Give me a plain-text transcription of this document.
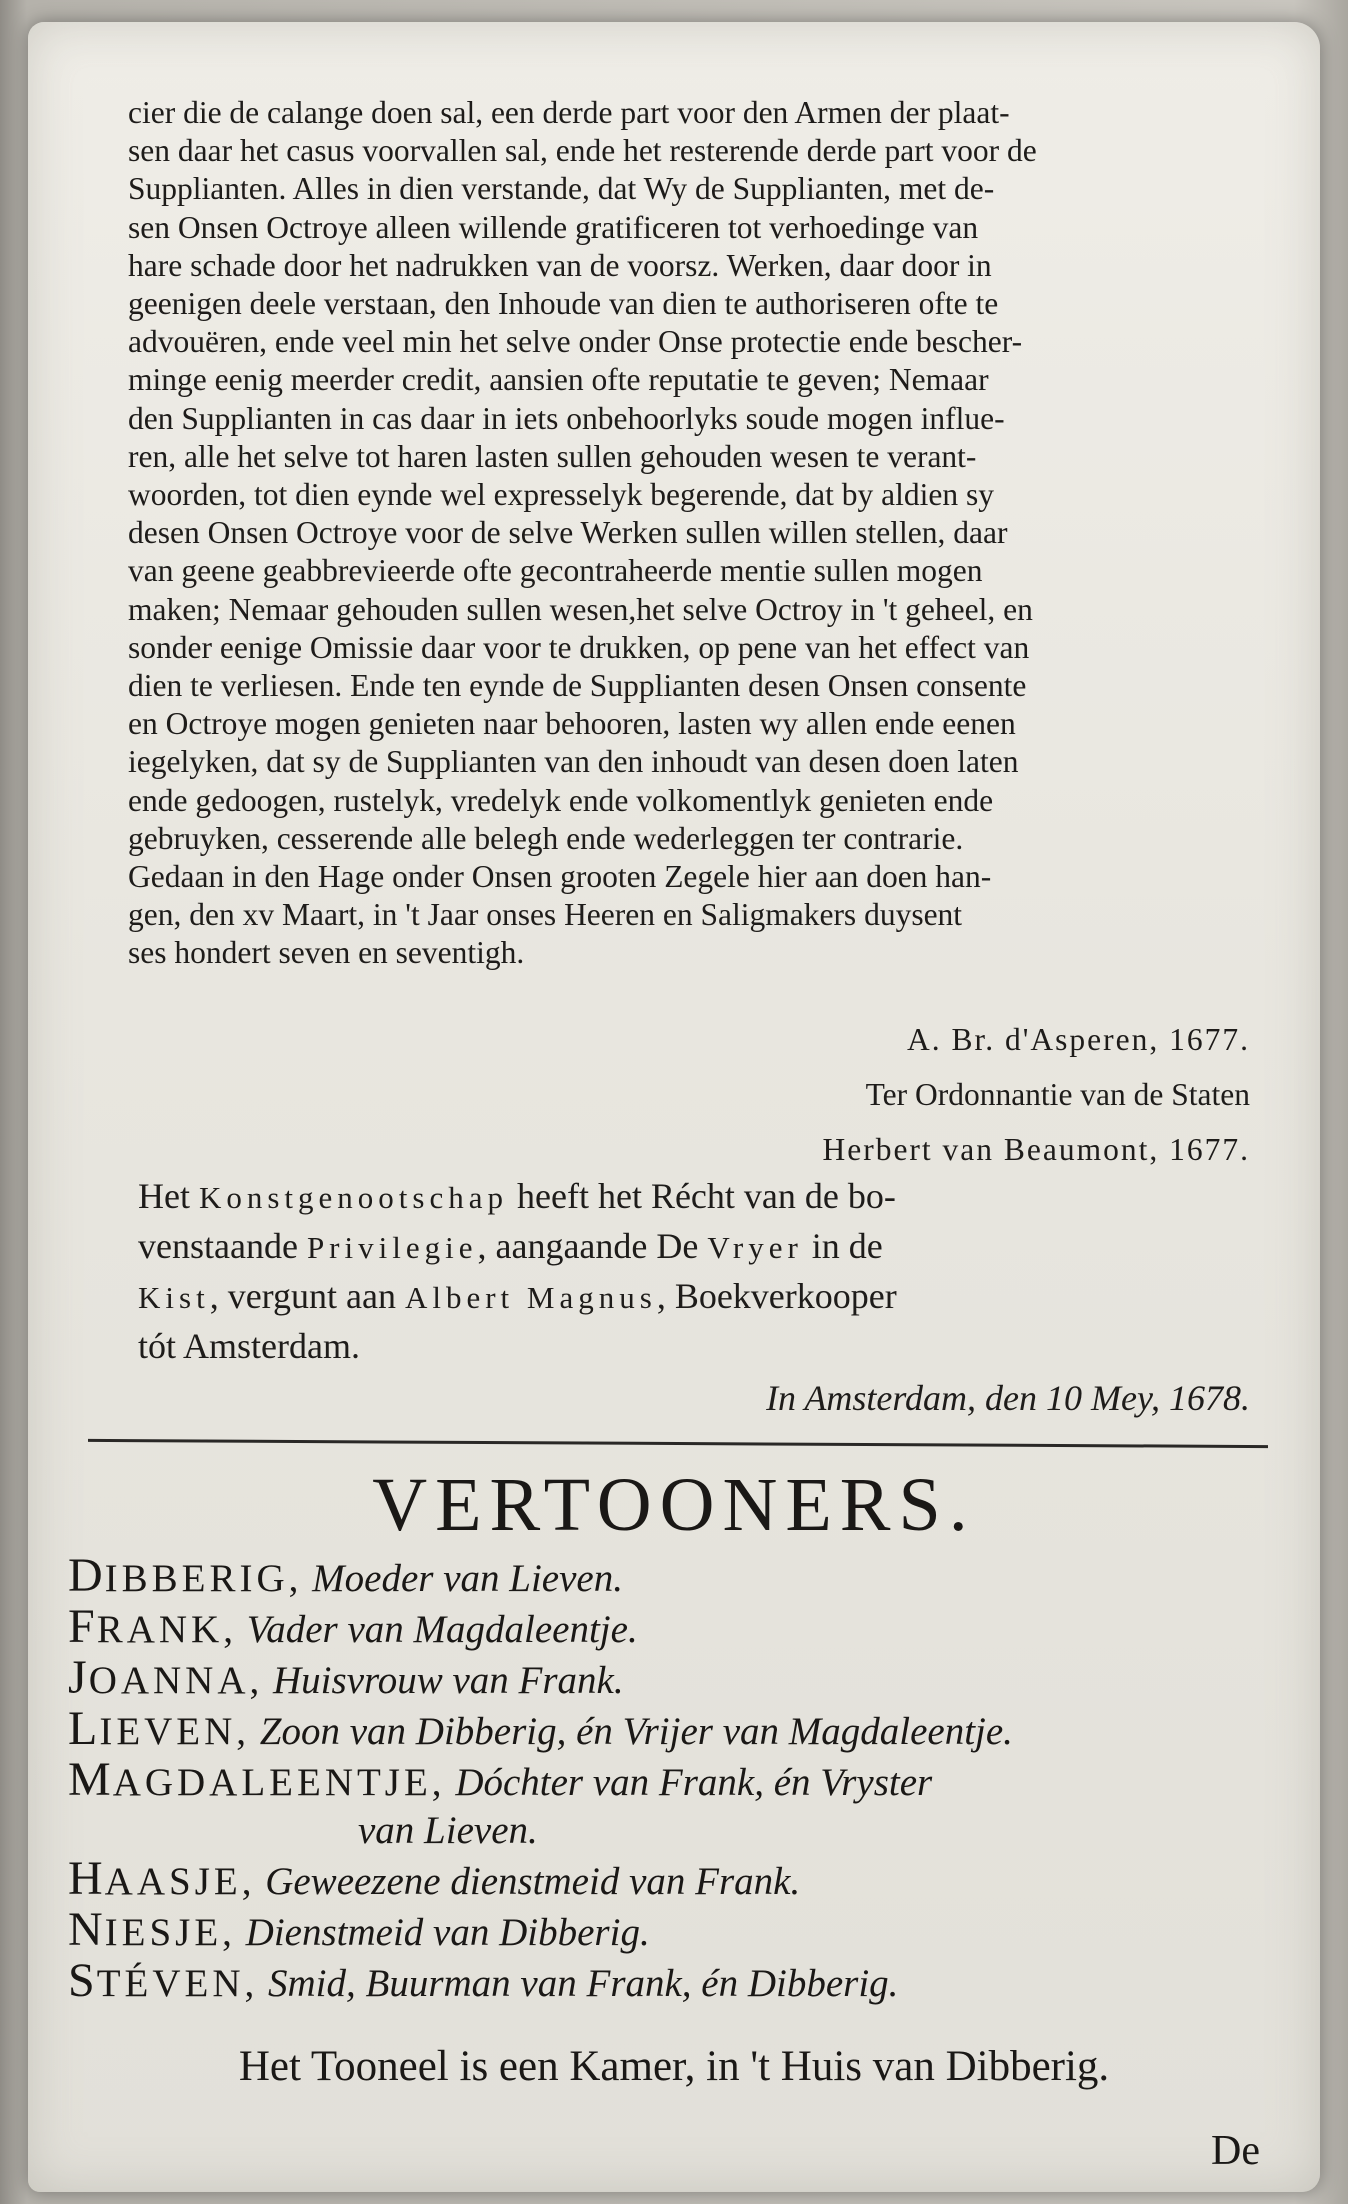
cier die de calange doen sal, een derde part voor den Armen der plaat-
sen daar het casus voorvallen sal, ende het resterende derde part voor de
Supplianten. Alles in dien verstande, dat Wy de Supplianten, met de-
sen Onsen Octroye alleen willende gratificeren tot verhoedinge van
hare schade door het nadrukken van de voorsz. Werken, daar door in
geenigen deele verstaan, den Inhoude van dien te authoriseren ofte te
advouëren, ende veel min het selve onder Onse protectie ende bescher-
minge eenig meerder credit, aansien ofte reputatie te geven; Nemaar
den Supplianten in cas daar in iets onbehoorlyks soude mogen influe-
ren, alle het selve tot haren lasten sullen gehouden wesen te verant-
woorden, tot dien eynde wel expresselyk begerende, dat by aldien sy
desen Onsen Octroye voor de selve Werken sullen willen stellen, daar
van geene geabbrevieerde ofte gecontraheerde mentie sullen mogen
maken; Nemaar gehouden sullen wesen,het selve Octroy in 't geheel, en
sonder eenige Omissie daar voor te drukken, op pene van het effect van
dien te verliesen. Ende ten eynde de Supplianten desen Onsen consente
en Octroye mogen genieten naar behooren, lasten wy allen ende eenen
iegelyken, dat sy de Supplianten van den inhoudt van desen doen laten
ende gedoogen, rustelyk, vredelyk ende volkomentlyk genieten ende
gebruyken, cesserende alle belegh ende wederleggen ter contrarie.
Gedaan in den Hage onder Onsen grooten Zegele hier aan doen han-
gen, den xv Maart, in 't Jaar onses Heeren en Saligmakers duysent
ses hondert seven en seventigh.
A. Br. d'Asperen, 1677.
Ter Ordonnantie van de Staten
Herbert van Beaumont, 1677.
Het Konstgenootschap heeft het Récht van de bo-
venstaande Privilegie, aangaande De Vryer in de
Kist, vergunt aan Albert Magnus, Boekverkooper
tót Amsterdam.
In Amsterdam, den 10 Mey, 1678.
VERTOONERS.
DIBBERIG, Moeder van Lieven.
FRANK, Vader van Magdaleentje.
JOANNA, Huisvrouw van Frank.
LIEVEN, Zoon van Dibberig, én Vrijer van Magdaleentje.
MAGDALEENTJE, Dóchter van Frank, én Vryster
van Lieven.
HAASJE, Geweezene dienstmeid van Frank.
NIESJE, Dienstmeid van Dibberig.
STÉVEN, Smid, Buurman van Frank, én Dibberig.
Het Tooneel is een Kamer, in 't Huis van Dibberig.
De
